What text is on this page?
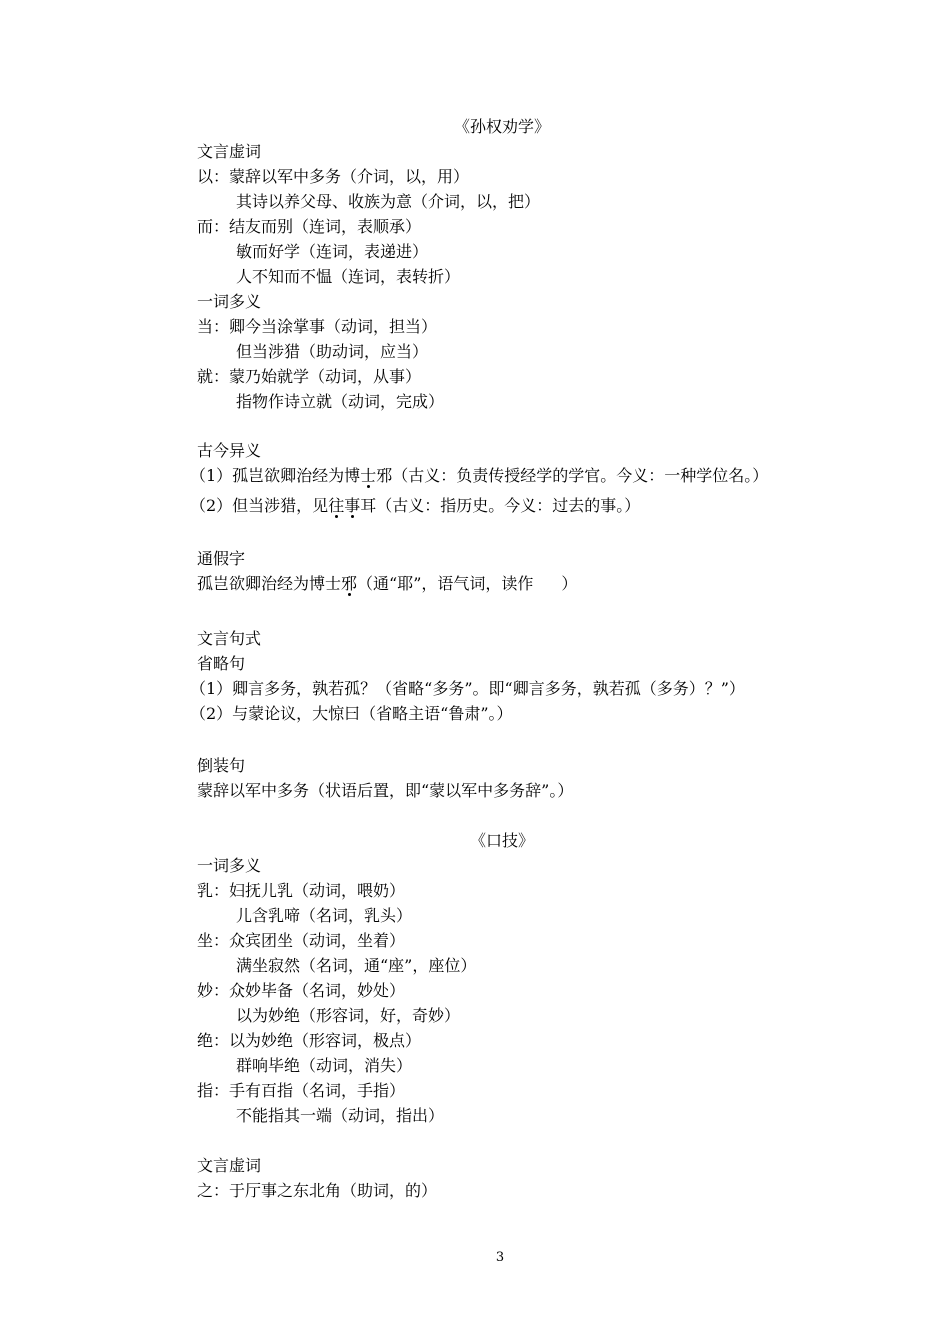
《孙权劝学》
文言虚词
以：蒙辞以军中多务（介词，以，用）
其诗以养父母、收族为意（介词，以，把）
而：结友而别（连词，表顺承）
敏而好学（连词，表递进）
人不知而不愠（连词，表转折）
一词多义
当：卿今当涂掌事（动词，担当）
但当涉猎（助动词，应当）
就：蒙乃始就学（动词，从事）
指物作诗立就（动词，完成）
古今异义
（1）孤岂欲卿治经为博士邪（古义：负责传授经学的学官。今义：一种学位名。）
（2）但当涉猎，见往事耳（古义：指历史。今义：过去的事。）
通假字
孤岂欲卿治经为博士邪（通“耶”，语气词，读作 ）
文言句式
省略句
（1）卿言多务，孰若孤？（省略“多务”。即“卿言多务，孰若孤（多务）？”）
（2）与蒙论议，大惊曰（省略主语“鲁肃”。）
倒装句
蒙辞以军中多务（状语后置，即“蒙以军中多务辞”。）
《口技》
一词多义
乳：妇抚儿乳（动词，喂奶）
儿含乳啼（名词，乳头）
坐：众宾团坐（动词，坐着）
满坐寂然（名词，通“座”，座位）
妙：众妙毕备（名词，妙处）
以为妙绝（形容词，好，奇妙）
绝：以为妙绝（形容词，极点）
群响毕绝（动词，消失）
指：手有百指（名词，手指）
不能指其一端（动词，指出）
文言虚词
之：于厅事之东北角（助词，的）
3
